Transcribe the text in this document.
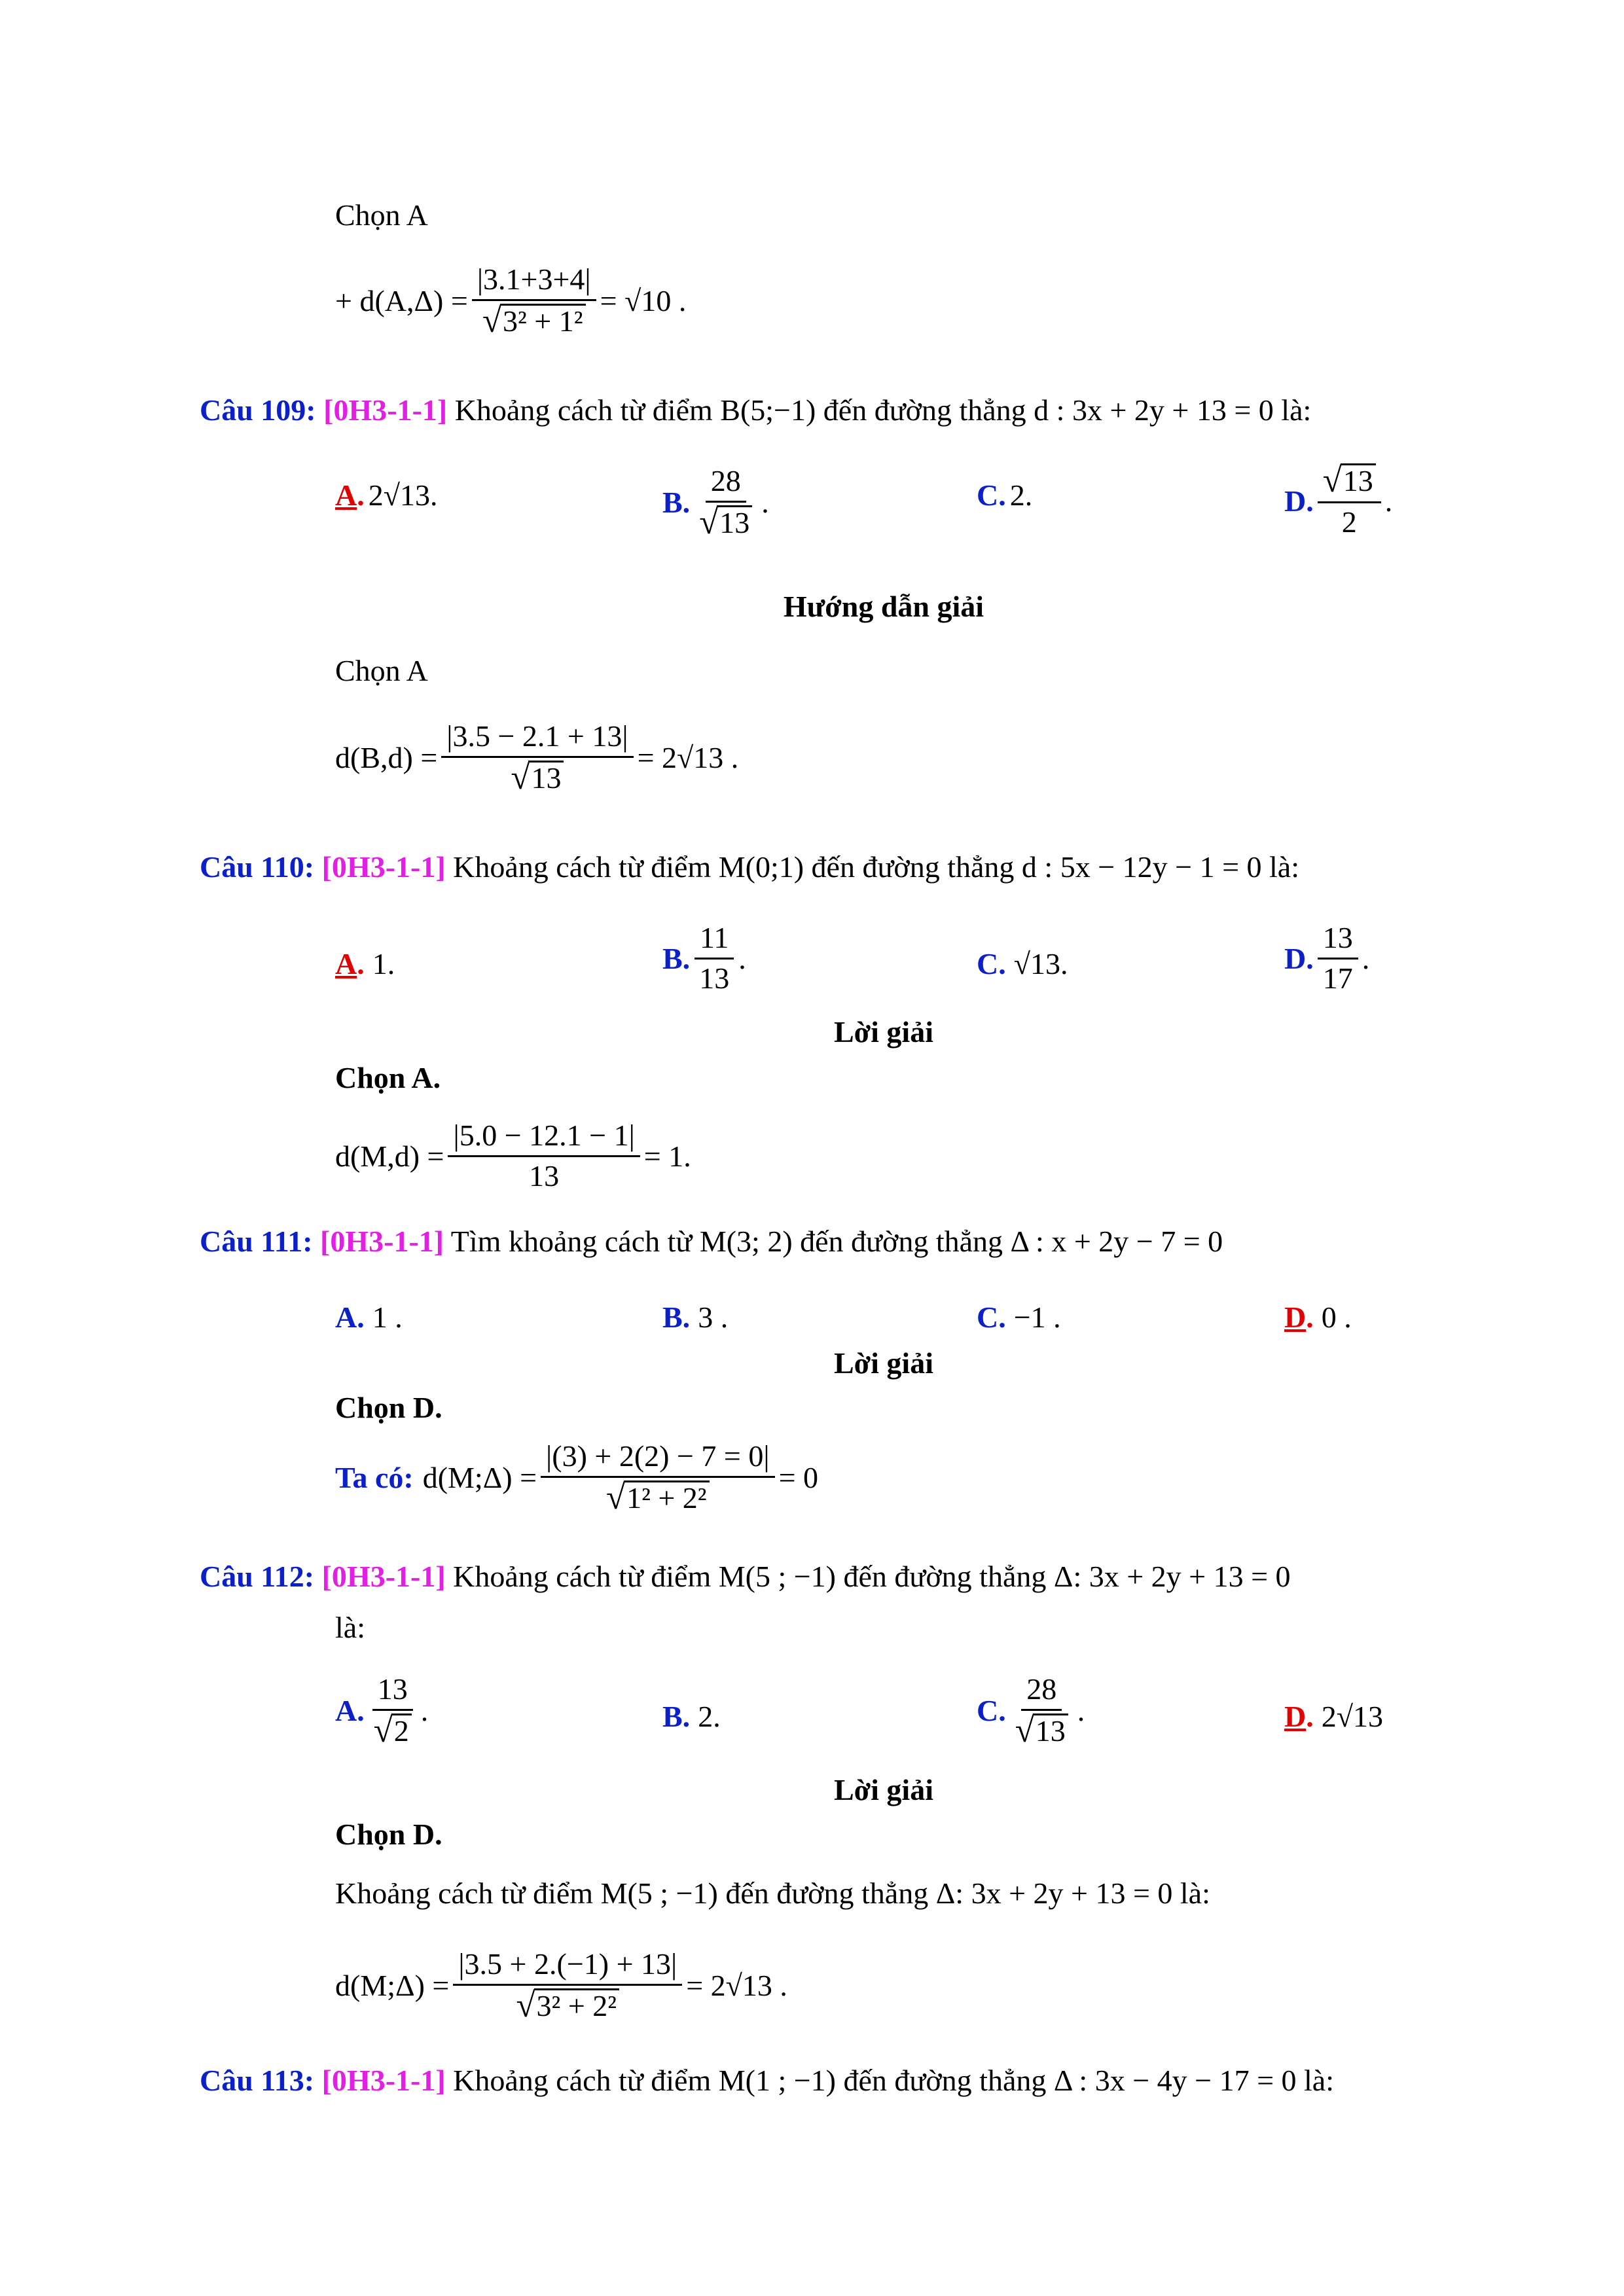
Chọn A
+ $d(A,\Delta) = \frac{|3.1+3+4|}{\text{√ 3² + 1²}} = √10$ .
Câu 109: [0H3-1-1] Khoảng cách từ điểm B(5;−1) đến đường thẳng d : 3x + 2y + 13 = 0 là:
A . 2√13.	B. $\frac{28}{√ 13}$ .	C. 2.	D. $\frac{√ 13}{2}$ .
Hướng dẫn giải
Chọn A
$d(B,d) = \frac{|3.5 - 2.1 + 13|}{√ 13} = 2√13$ .
Câu 110: [0H3-1-1] Khoảng cách từ điểm M(0;1) đến đường thẳng d : 5x − 12y − 1 = 0 là:
A . 1.	B. $\frac{11}{13}$ .	C. √13.	D. $\frac{13}{17}$ .
Lời giải
Chọn A.
$d(M,d) = \frac{|5.0 - 12.1 - 1|}{13} = 1$.
Câu 111: [0H3-1-1] Tìm khoảng cách từ M(3; 2) đến đường thẳng Δ : x + 2y − 7 = 0
A. 1 .	B. 3 .	C. −1 .	D . 0 .
Lời giải
Chọn D.
Ta có: d(M;Δ) = $\frac{|(3) + 2(2) - 7 = 0|}{\text{√ 1² + 2²}} = 0$
Câu 112: [0H3-1-1] Khoảng cách từ điểm M(5 ; −1) đến đường thẳng Δ: 3x + 2y + 13 = 0
là:
A. $\frac{13}{√ 2}$ .	B. 2.	C. $\frac{28}{√ 13}$ .	D . 2√13
Lời giải
Chọn D.
Khoảng cách từ điểm M(5 ; −1) đến đường thẳng Δ: 3x + 2y + 13 = 0 là:
d(M;Δ) = $\frac{|3.5 + 2.(-1) + 13|}{\text{√ 3² + 2²}} = 2√13$ .
Câu 113: [0H3-1-1] Khoảng cách từ điểm M(1 ; −1) đến đường thẳng Δ : 3x − 4y − 17 = 0 là:
